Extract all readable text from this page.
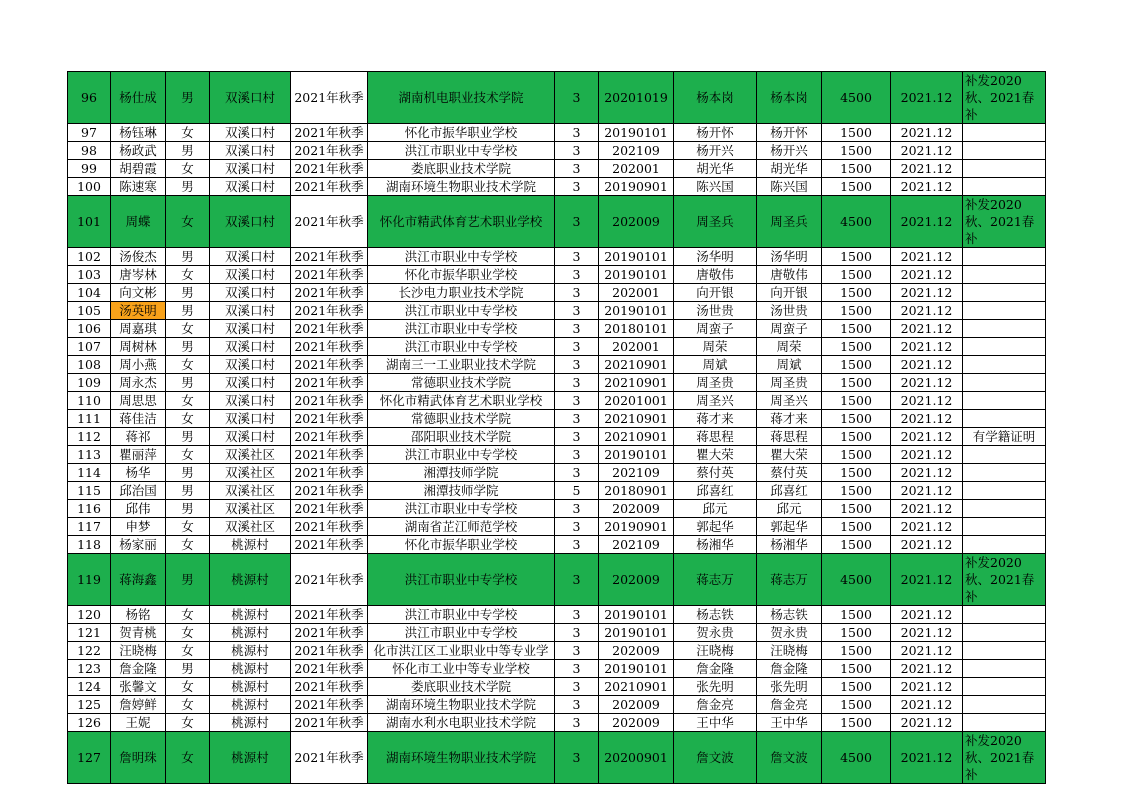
96	杨仕成	男	双溪口村	2021年秋季	湖南机电职业技术学院	3	20201019	杨本岗	杨本岗	4500	2021.12	补发2020秋、2021春补
97	杨钰琳	女	双溪口村	2021年秋季	怀化市振华职业学校	3	20190101	杨开怀	杨开怀	1500	2021.12	
98	杨政武	男	双溪口村	2021年秋季	洪江市职业中专学校	3	202109	杨开兴	杨开兴	1500	2021.12	
99	胡碧霞	女	双溪口村	2021年秋季	娄底职业技术学院	3	202001	胡光华	胡光华	1500	2021.12	
100	陈速寒	男	双溪口村	2021年秋季	湖南环境生物职业技术学院	3	20190901	陈兴国	陈兴国	1500	2021.12	
101	周蝶	女	双溪口村	2021年秋季	怀化市精武体育艺术职业学校	3	202009	周圣兵	周圣兵	4500	2021.12	补发2020秋、2021春补
102	汤俊杰	男	双溪口村	2021年秋季	洪江市职业中专学校	3	20190101	汤华明	汤华明	1500	2021.12	
103	唐岑林	女	双溪口村	2021年秋季	怀化市振华职业学校	3	20190101	唐敬伟	唐敬伟	1500	2021.12	
104	向文彬	男	双溪口村	2021年秋季	长沙电力职业技术学院	3	202001	向开银	向开银	1500	2021.12	
105	汤英明	男	双溪口村	2021年秋季	洪江市职业中专学校	3	20190101	汤世贵	汤世贵	1500	2021.12	
106	周嘉琪	女	双溪口村	2021年秋季	洪江市职业中专学校	3	20180101	周蛮子	周蛮子	1500	2021.12	
107	周树林	男	双溪口村	2021年秋季	洪江市职业中专学校	3	202001	周荣	周荣	1500	2021.12	
108	周小燕	女	双溪口村	2021年秋季	湖南三一工业职业技术学院	3	20210901	周斌	周斌	1500	2021.12	
109	周永杰	男	双溪口村	2021年秋季	常德职业技术学院	3	20210901	周圣贵	周圣贵	1500	2021.12	
110	周思思	女	双溪口村	2021年秋季	怀化市精武体育艺术职业学校	3	20201001	周圣兴	周圣兴	1500	2021.12	
111	蒋佳洁	女	双溪口村	2021年秋季	常德职业技术学院	3	20210901	蒋才来	蒋才来	1500	2021.12	
112	蒋祁	男	双溪口村	2021年秋季	邵阳职业技术学院	3	20210901	蒋思程	蒋思程	1500	2021.12	有学籍证明
113	瞿丽萍	女	双溪社区	2021年秋季	洪江市职业中专学校	3	20190101	瞿大荣	瞿大荣	1500	2021.12	
114	杨华	男	双溪社区	2021年秋季	湘潭技师学院	3	202109	蔡付英	蔡付英	1500	2021.12	
115	邱治国	男	双溪社区	2021年秋季	湘潭技师学院	5	20180901	邱喜红	邱喜红	1500	2021.12	
116	邱伟	男	双溪社区	2021年秋季	洪江市职业中专学校	3	202009	邱元	邱元	1500	2021.12	
117	申梦	女	双溪社区	2021年秋季	湖南省芷江师范学校	3	20190901	郭起华	郭起华	1500	2021.12	
118	杨家丽	女	桃源村	2021年秋季	怀化市振华职业学校	3	202109	杨湘华	杨湘华	1500	2021.12	
119	蒋海鑫	男	桃源村	2021年秋季	洪江市职业中专学校	3	202009	蒋志万	蒋志万	4500	2021.12	补发2020秋、2021春补
120	杨铭	女	桃源村	2021年秋季	洪江市职业中专学校	3	20190101	杨志铁	杨志铁	1500	2021.12	
121	贺青桃	女	桃源村	2021年秋季	洪江市职业中专学校	3	20190101	贺永贵	贺永贵	1500	2021.12	
122	汪晓梅	女	桃源村	2021年秋季	化市洪江区工业职业中等专业学	3	202009	汪晓梅	汪晓梅	1500	2021.12	
123	詹金隆	男	桃源村	2021年秋季	怀化市工业中等专业学校	3	20190101	詹金隆	詹金隆	1500	2021.12	
124	张馨文	女	桃源村	2021年秋季	娄底职业技术学院	3	20210901	张先明	张先明	1500	2021.12	
125	詹婷鲜	女	桃源村	2021年秋季	湖南环境生物职业技术学院	3	202009	詹金亮	詹金亮	1500	2021.12	
126	王妮	女	桃源村	2021年秋季	湖南水利水电职业技术学院	3	202009	王中华	王中华	1500	2021.12	
127	詹明珠	女	桃源村	2021年秋季	湖南环境生物职业技术学院	3	20200901	詹文波	詹文波	4500	2021.12	补发2020秋、2021春补
